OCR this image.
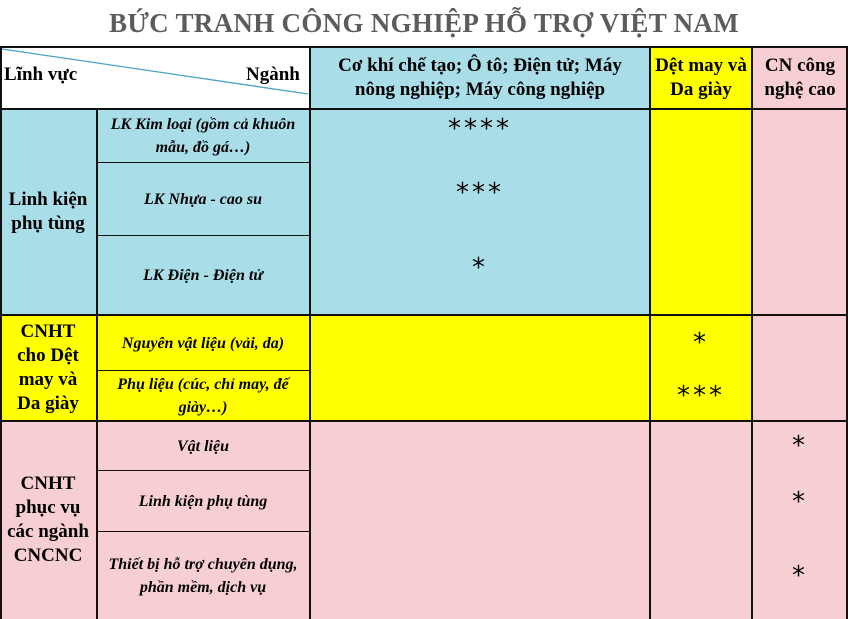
BỨC TRANH CÔNG NGHIỆP HỖ TRỢ VIỆT NAM
Lĩnh vực	Ngành	Cơ khí chế tạo; Ô tô; Điện tử; Máy nông nghiệp; Máy công nghiệp
Dệt may và Da giày
CN công nghệ cao
Linh kiện phụ tùng
LK Kim loại (gồm cả khuôn mẫu, đồ gá…)
LK Nhựa - cao su
LK Điện - Điện tử
****
***
*
CNHT cho Dệt may và Da giày
Nguyên vật liệu (vải, da)
Phụ liệu (cúc, chỉ may, đế giày…)
*
***
CNHT phục vụ các ngành CNCNC
Vật liệu
Linh kiện phụ tùng
Thiết bị hỗ trợ chuyên dụng, phần mềm, dịch vụ
*
*
*
